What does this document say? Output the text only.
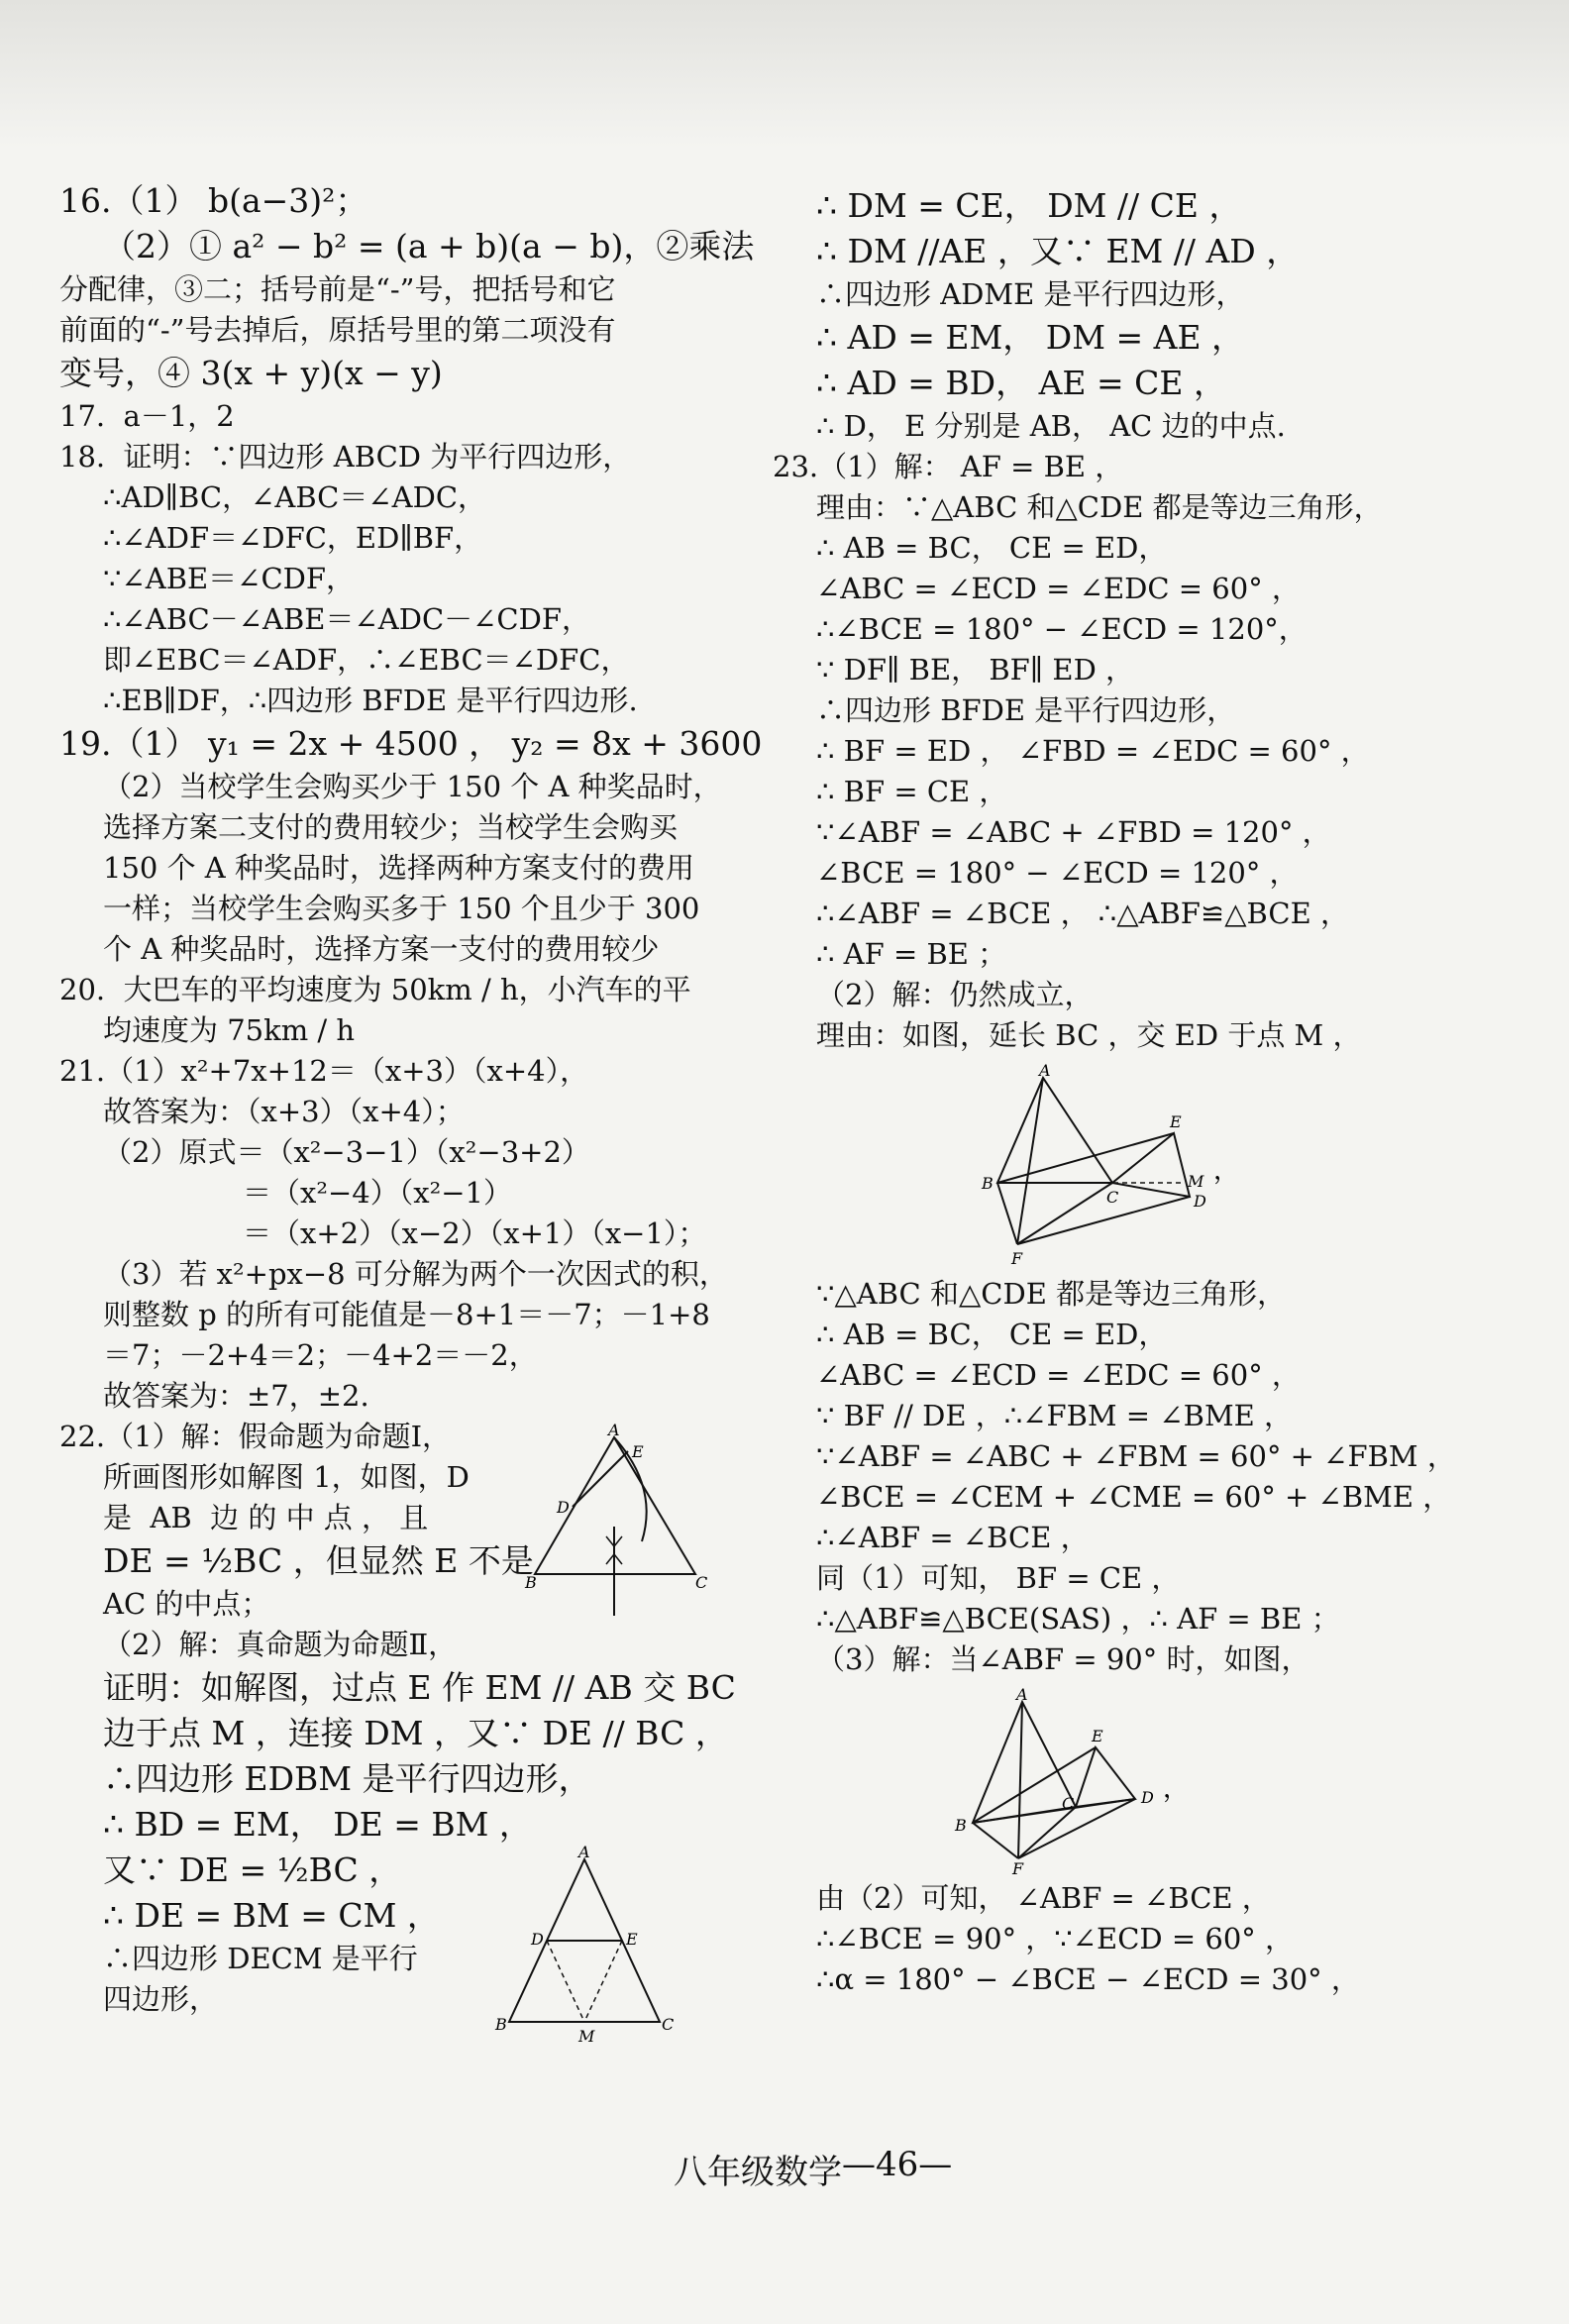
16.（1） b(a−3)²；
（2）① a² − b² = (a + b)(a − b)，②乘法
分配律，③二；括号前是“-”号，把括号和它
前面的“-”号去掉后，原括号里的第二项没有
变号，④ 3(x + y)(x − y)
17.  a－1，2
18.  证明：∵四边形 ABCD 为平行四边形，
∴AD∥BC，∠ABC＝∠ADC，
∴∠ADF＝∠DFC，ED∥BF，
∵∠ABE＝∠CDF，
∴∠ABC－∠ABE＝∠ADC－∠CDF，
即∠EBC＝∠ADF，∴∠EBC＝∠DFC，
∴EB∥DF，∴四边形 BFDE 是平行四边形.
19.（1） y₁ = 2x + 4500 ， y₂ = 8x + 3600
（2）当校学生会购买少于 150 个 A 种奖品时，
选择方案二支付的费用较少；当校学生会购买
150 个 A 种奖品时，选择两种方案支付的费用
一样；当校学生会购买多于 150 个且少于 300
个 A 种奖品时，选择方案一支付的费用较少
20.  大巴车的平均速度为 50km / h，小汽车的平
均速度为 75km / h
21.（1）x²+7x+12＝（x+3）（x+4），
故答案为：（x+3）（x+4）；
（2）原式＝（x²−3−1）（x²−3+2）
＝（x²−4）（x²−1）
＝（x+2）（x−2）（x+1）（x−1）；
（3）若 x²+px−8 可分解为两个一次因式的积，
则整数 p 的所有可能值是－8+1＝－7；－1+8
＝7；－2+4＝2；－4+2＝－2，
故答案为：±7，±2.
22.（1）解：假命题为命题Ⅰ，	A
E
D
B	C
所画图形如解图 1，如图，D
是  AB  边 的 中 点 ， 且
DE = ½BC ，但显然 E 不是
AC 的中点；
（2）解：真命题为命题Ⅱ，
证明：如解图，过点 E 作 EM // AB 交 BC
边于点 M ，连接 DM ，又∵ DE // BC ，
∴四边形 EDBM 是平行四边形，
∴ BD = EM， DE = BM ，
A
D	E
B
M
C
又∵ DE = ½BC ，
∴ DE = BM = CM ，
∴四边形 DECM 是平行
四边形，
∴ DM = CE， DM // CE ，
∴ DM //AE ，又∵ EM // AD ，
∴四边形 ADME 是平行四边形，
∴ AD = EM， DM = AE ，
∴ AD = BD， AE = CE ，
∴ D， E 分别是 AB， AC 边的中点.
23.（1）解： AF = BE ，
理由：∵△ABC 和△CDE 都是等边三角形，
∴ AB = BC， CE = ED，
∠ABC = ∠ECD = ∠EDC = 60° ，
∴∠BCE = 180° − ∠ECD = 120°，
∵ DF∥ BE， BF∥ ED ，
∴四边形 BFDE 是平行四边形，
∴ BF = ED ， ∠FBD = ∠EDC = 60° ，
∴ BF = CE ，
∵∠ABF = ∠ABC + ∠FBD = 120° ，
∠BCE = 180° − ∠ECD = 120° ，
∴∠ABF = ∠BCE ， ∴△ABF≌△BCE ，
∴ AF = BE ；
（2）解：仍然成立，
理由：如图，延长 BC ，交 ED 于点 M ，
A
E
B
C
M
D
F
，
∵△ABC 和△CDE 都是等边三角形，
∴ AB = BC， CE = ED，
∠ABC = ∠ECD = ∠EDC = 60° ，
∵ BF // DE ，∴∠FBM = ∠BME ，
∵∠ABF = ∠ABC + ∠FBM = 60° + ∠FBM ，
∠BCE = ∠CEM + ∠CME = 60° + ∠BME ，
∴∠ABF = ∠BCE ，
同（1）可知， BF = CE ，
∴△ABF≌△BCE(SAS) ，∴ AF = BE ；
（3）解：当∠ABF = 90° 时，如图，
A
E
B
C	D
F
，
由（2）可知， ∠ABF = ∠BCE ，
∴∠BCE = 90° ，∵∠ECD = 60° ，
∴α = 180° − ∠BCE − ∠ECD = 30° ，
八年级数学 —46—
